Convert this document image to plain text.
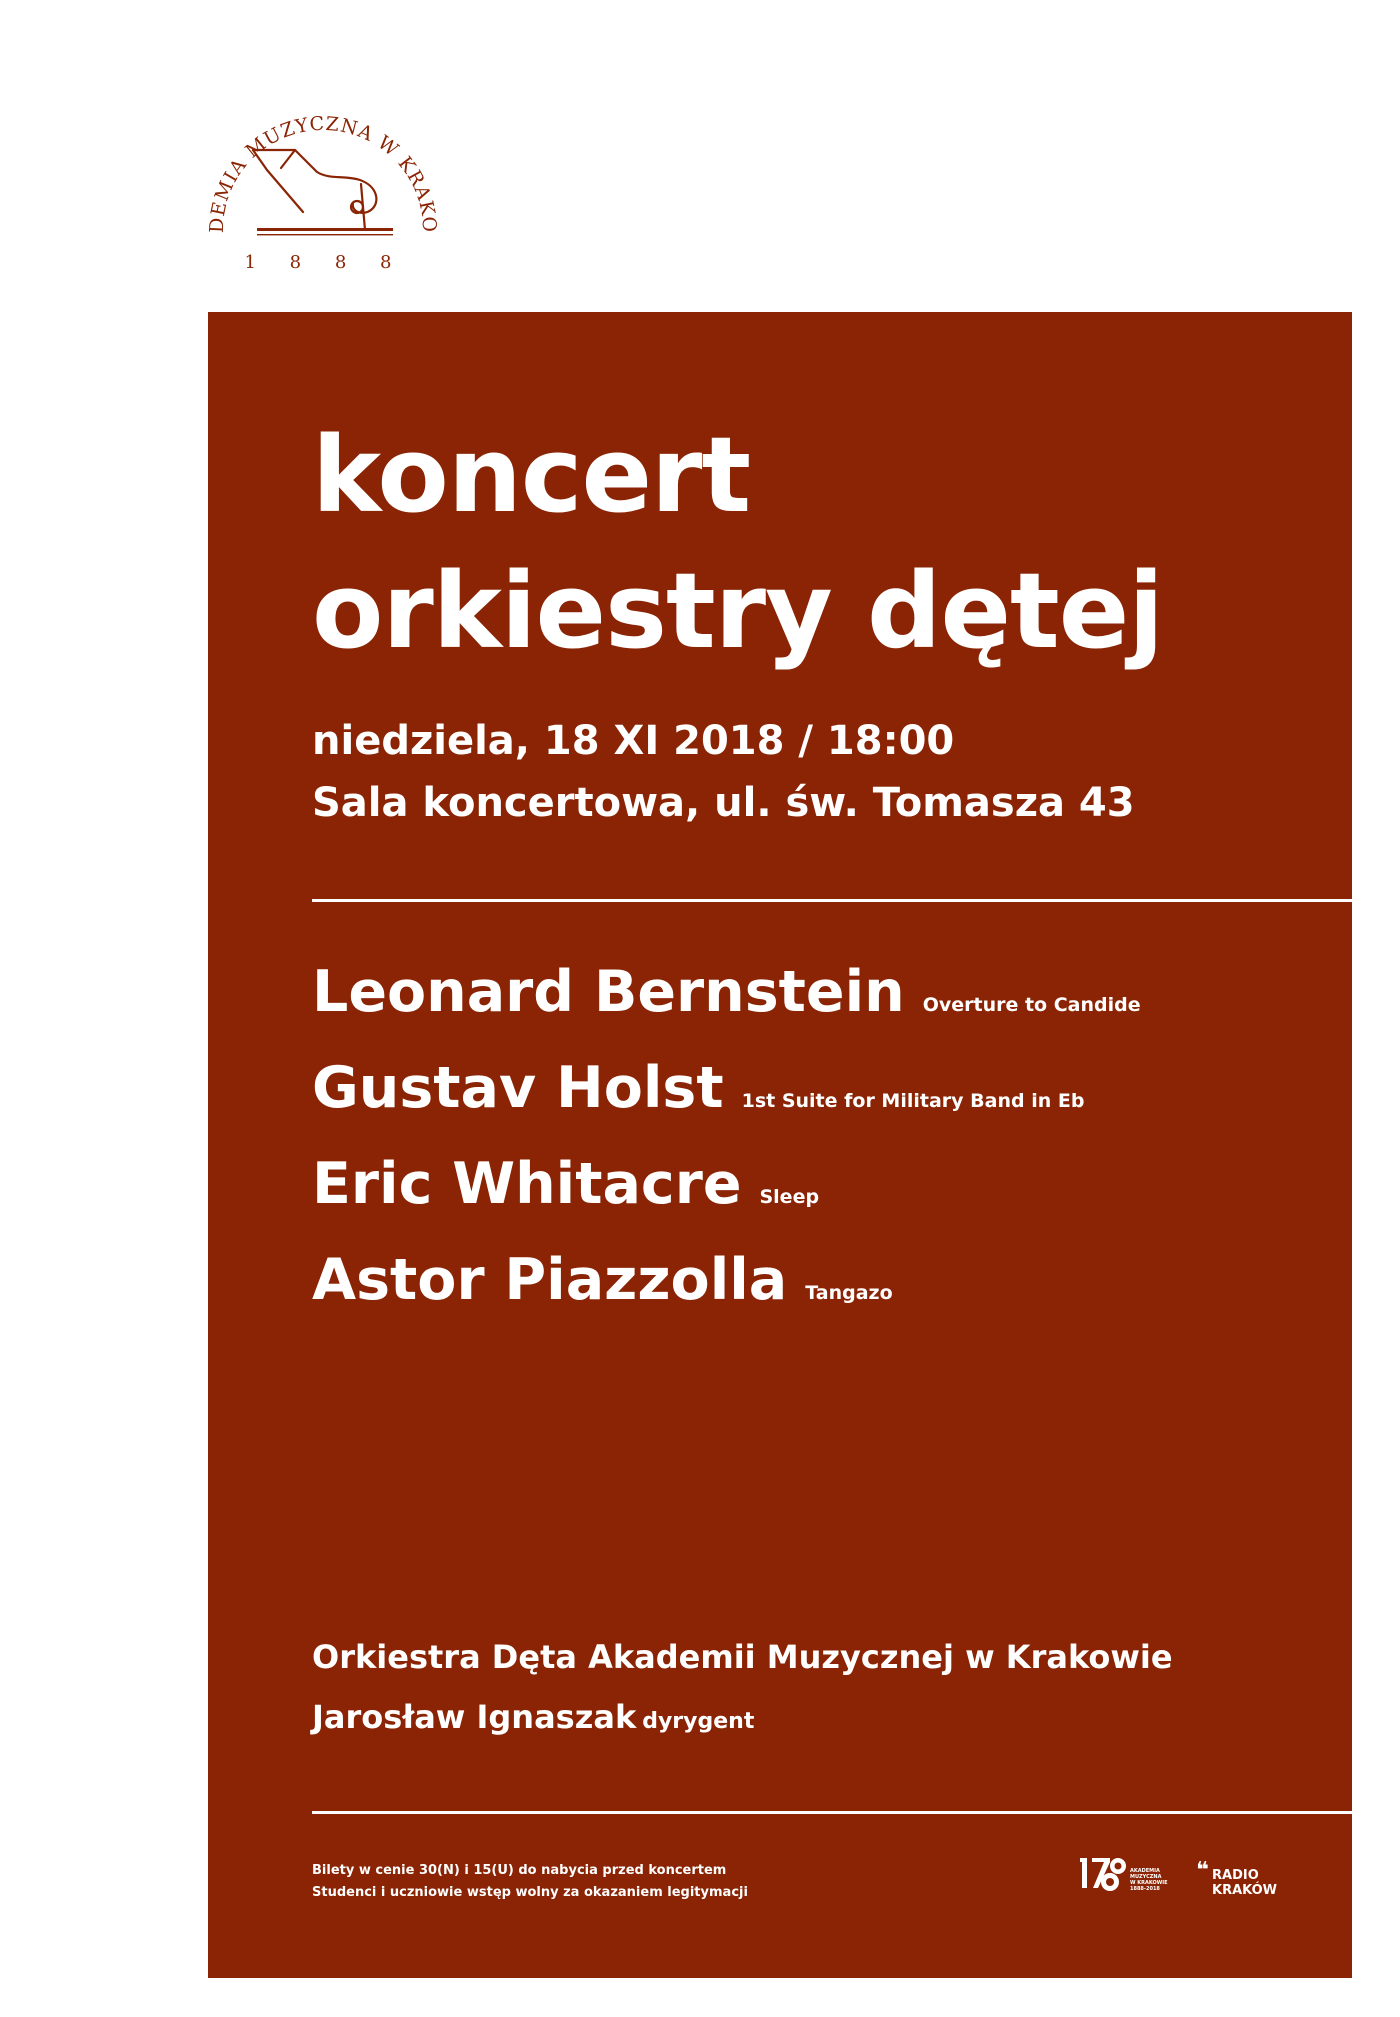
DEMIA MUZYCZNA W KRAKO
1 8 8 8
koncert
orkiestry dętej
niedziela, 18 XI 2018 / 18:00
Sala koncertowa, ul. św. Tomasza 43
Leonard Bernstein Overture to Candide
Gustav Holst 1st Suite for Military Band in Eb
Eric Whitacre Sleep
Astor Piazzolla Tangazo
Orkiestra Dęta Akademii Muzycznej w Krakowie
Jarosław Ignaszak dyrygent
Bilety w cenie 30(N) i 15(U) do nabycia przed koncertem
Studenci i uczniowie wstęp wolny za okazaniem legitymacji
AKADEMIA
MUZYCZNA
W KRAKOWIE
1888-2018
❝ RADIO
KRAKÓW
